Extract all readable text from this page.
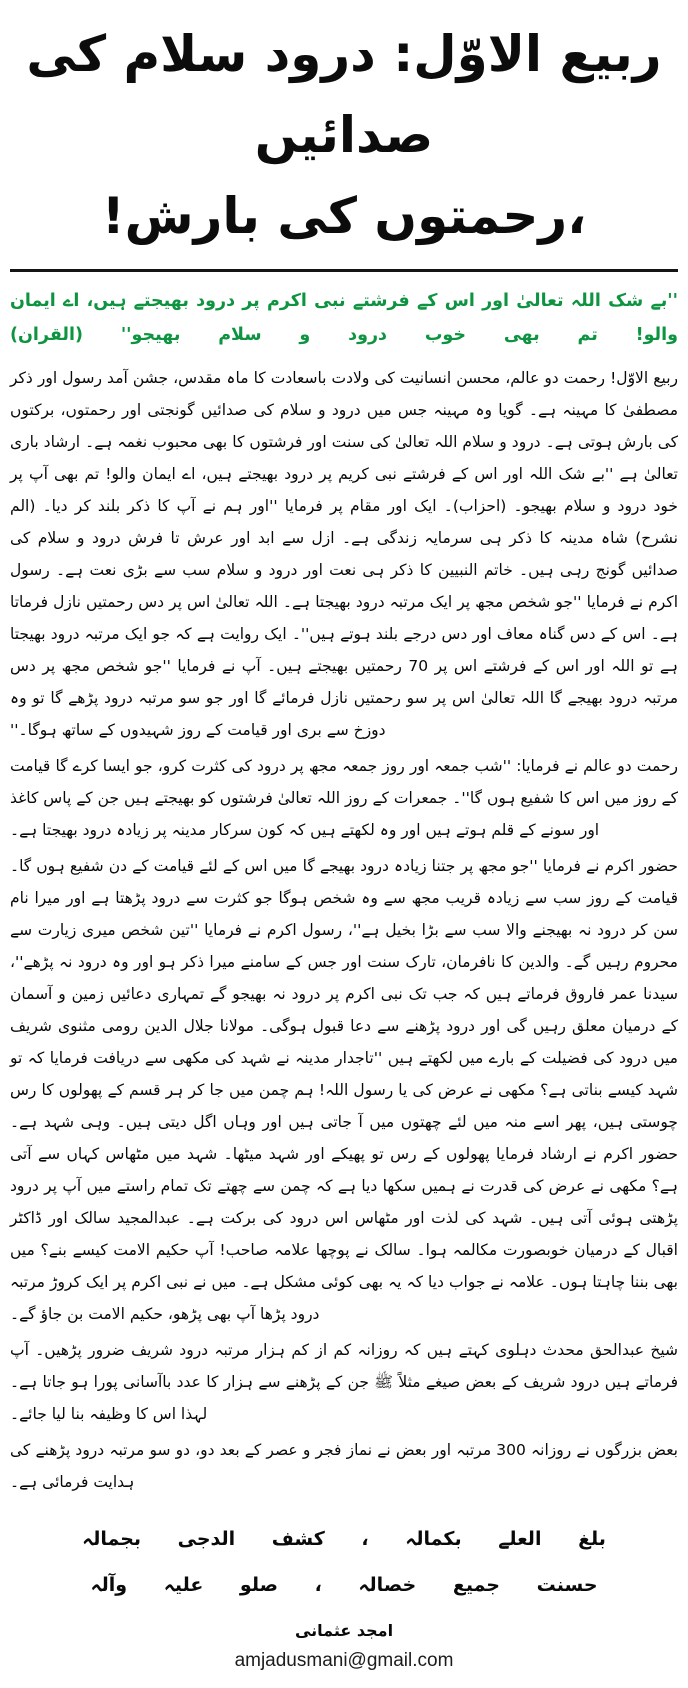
ربیع الاوّل: درود سلام کی صدائیں
،رحمتوں کی بارش!

''بے شک اللہ تعالیٰ اور اس کے فرشتے نبی اکرم پر درود بھیجتے ہیں، اے ایمان والو! تم بھی خوب درود و سلام بھیجو'' (القران)

ربیع الاوّل! رحمت دو عالم، محسن انسانیت کی ولادت باسعادت کا ماہ مقدس، جشن آمد رسول اور ذکر مصطفیٰ کا مہینہ ہے۔ گویا وہ مہینہ جس میں درود و سلام کی صدائیں گونجتی اور رحمتوں، برکتوں کی بارش ہوتی ہے۔ درود و سلام اللہ تعالیٰ کی سنت اور فرشتوں کا بھی محبوب نغمہ ہے۔ ارشاد باری تعالیٰ ہے ''بے شک اللہ اور اس کے فرشتے نبی کریم پر درود بھیجتے ہیں، اے ایمان والو! تم بھی آپ پر خود درود و سلام بھیجو۔ (احزاب)۔ ایک اور مقام پر فرمایا ''اور ہم نے آپ کا ذکر بلند کر دیا۔ (الم نشرح) شاہ مدینہ کا ذکر ہی سرمایہ زندگی ہے۔ ازل سے ابد اور عرش تا فرش درود و سلام کی صدائیں گونج رہی ہیں۔ خاتم النبیین کا ذکر ہی نعت اور درود و سلام سب سے بڑی نعت ہے۔ رسول اکرم نے فرمایا ''جو شخص مجھ پر ایک مرتبہ درود بھیجتا ہے۔ اللہ تعالیٰ اس پر دس رحمتیں نازل فرماتا ہے۔ اس کے دس گناہ معاف اور دس درجے بلند ہوتے ہیں''۔ ایک روایت ہے کہ جو ایک مرتبہ درود بھیجتا ہے تو اللہ اور اس کے فرشتے اس پر 70 رحمتیں بھیجتے ہیں۔ آپ نے فرمایا ''جو شخص مجھ پر دس مرتبہ درود بھیجے گا اللہ تعالیٰ اس پر سو رحمتیں نازل فرمائے گا اور جو سو مرتبہ درود پڑھے گا تو وہ دوزخ سے بری اور قیامت کے روز شہیدوں کے ساتھ ہوگا۔''

رحمت دو عالم نے فرمایا: ''شب جمعہ اور روز جمعہ مجھ پر درود کی کثرت کرو، جو ایسا کرے گا قیامت کے روز میں اس کا شفیع ہوں گا''۔ جمعرات کے روز اللہ تعالیٰ فرشتوں کو بھیجتے ہیں جن کے پاس کاغذ اور سونے کے قلم ہوتے ہیں اور وہ لکھتے ہیں کہ کون سرکار مدینہ پر زیادہ درود بھیجتا ہے۔

حضور اکرم نے فرمایا ''جو مجھ پر جتنا زیادہ درود بھیجے گا میں اس کے لئے قیامت کے دن شفیع ہوں گا۔ قیامت کے روز سب سے زیادہ قریب مجھ سے وہ شخص ہوگا جو کثرت سے درود پڑھتا ہے اور میرا نام سن کر درود نہ بھیجنے والا سب سے بڑا بخیل ہے''، رسول اکرم نے فرمایا ''تین شخص میری زیارت سے محروم رہیں گے۔ والدین کا نافرمان، تارک سنت اور جس کے سامنے میرا ذکر ہو اور وہ درود نہ پڑھے''، سیدنا عمر فاروق فرماتے ہیں کہ جب تک نبی اکرم پر درود نہ بھیجو گے تمہاری دعائیں زمین و آسمان کے درمیان معلق رہیں گی اور درود پڑھنے سے دعا قبول ہوگی۔ مولانا جلال الدین رومی مثنوی شریف میں درود کی فضیلت کے بارے میں لکھتے ہیں ''تاجدار مدینہ نے شہد کی مکھی سے دریافت فرمایا کہ تو شہد کیسے بناتی ہے؟ مکھی نے عرض کی یا رسول اللہ! ہم چمن میں جا کر ہر قسم کے پھولوں کا رس چوستی ہیں، پھر اسے منہ میں لئے چھتوں میں آ جاتی ہیں اور وہاں اگل دیتی ہیں۔ وہی شہد ہے۔ حضور اکرم نے ارشاد فرمایا پھولوں کے رس تو پھیکے اور شہد میٹھا۔ شہد میں مٹھاس کہاں سے آتی ہے؟ مکھی نے عرض کی قدرت نے ہمیں سکھا دیا ہے کہ چمن سے چھتے تک تمام راستے میں آپ پر درود پڑھتی ہوئی آتی ہیں۔ شہد کی لذت اور مٹھاس اس درود کی برکت ہے۔ عبدالمجید سالک اور ڈاکٹر اقبال کے درمیان خوبصورت مکالمہ ہوا۔ سالک نے پوچھا علامہ صاحب! آپ حکیم الامت کیسے بنے؟ میں بھی بننا چاہتا ہوں۔ علامہ نے جواب دیا کہ یہ بھی کوئی مشکل ہے۔ میں نے نبی اکرم پر ایک کروڑ مرتبہ درود پڑھا آپ بھی پڑھو، حکیم الامت بن جاؤ گے۔

شیخ عبدالحق محدث دہلوی کہتے ہیں کہ روزانہ کم از کم ہزار مرتبہ درود شریف ضرور پڑھیں۔ آپ فرماتے ہیں درود شریف کے بعض صیغے مثلاً ﷺ جن کے پڑھنے سے ہزار کا عدد باآسانی پورا ہو جاتا ہے۔ لہذا اس کا وظیفہ بنا لیا جائے۔

بعض بزرگوں نے روزانہ 300 مرتبہ اور بعض نے نماز فجر و عصر کے بعد دو، دو سو مرتبہ درود پڑھنے کی ہدایت فرمائی ہے۔

بلغ العلے بکمالہ ، کشف الدجی بجمالہ
حسنت جمیع خصالہ ، صلو علیہ وآلہ
امجد عثمانی
amjadusmani@gmail.com
